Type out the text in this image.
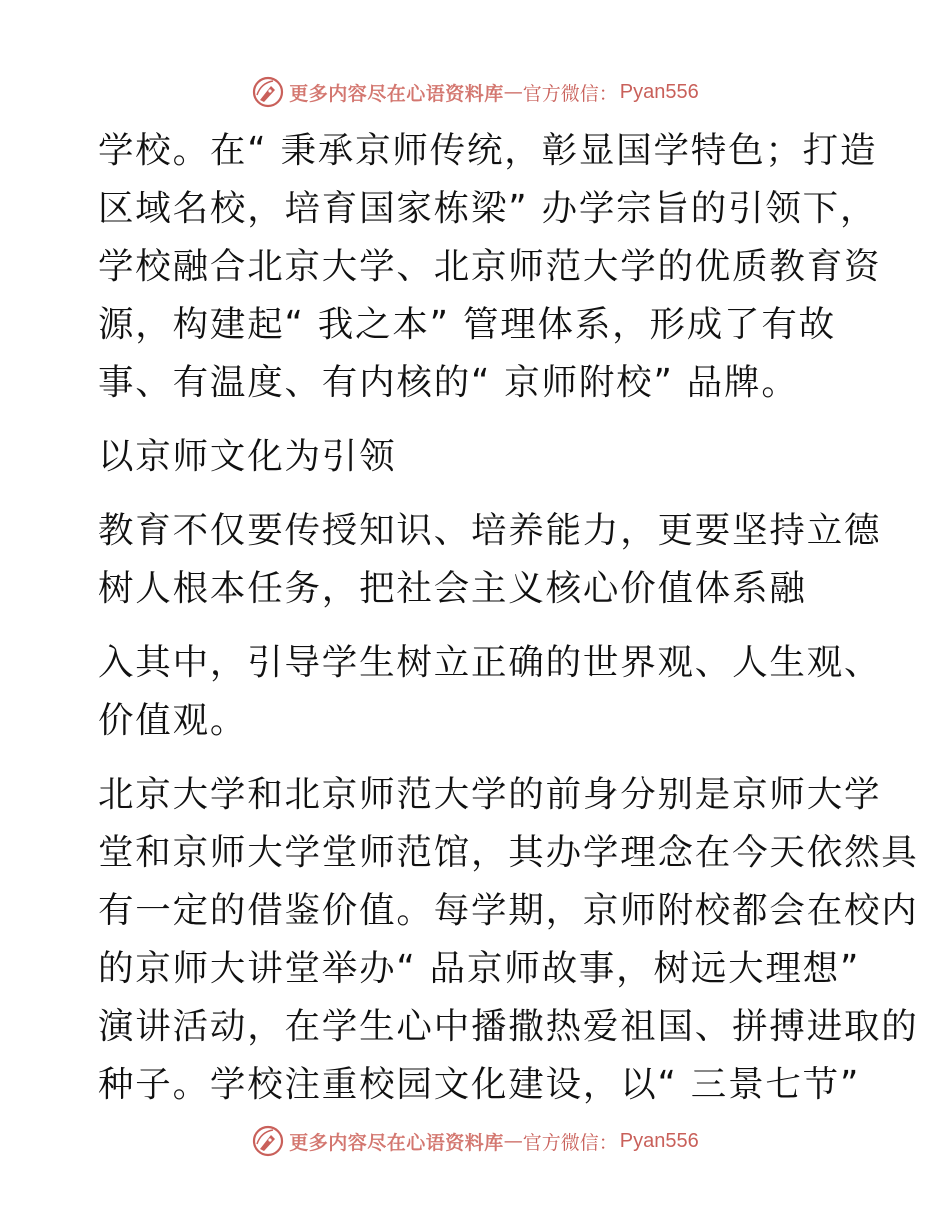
更多内容尽在心语资料库 — 官方微信： Pyan556
学校。在“ 秉承京师传统，彰显国学特色；打造
区域名校，培育国家栋梁” 办学宗旨的引领下，
学校融合北京大学、北京师范大学的优质教育资
源，构建起“ 我之本” 管理体系，形成了有故
事、有温度、有内核的“ 京师附校” 品牌。
以京师文化为引领
教育不仅要传授知识、培养能力，更要坚持立德
树人根本任务，把社会主义核心价值体系融
入其中，引导学生树立正确的世界观、人生观、
价值观。
北京大学和北京师范大学的前身分别是京师大学
堂和京师大学堂师范馆，其办学理念在今天依然具
有一定的借鉴价值。每学期，京师附校都会在校内
的京师大讲堂举办“ 品京师故事，树远大理想”
演讲活动，在学生心中播撒热爱祖国、拼搏进取的
种子。学校注重校园文化建设，以“ 三景七节”
更多内容尽在心语资料库 — 官方微信： Pyan556
